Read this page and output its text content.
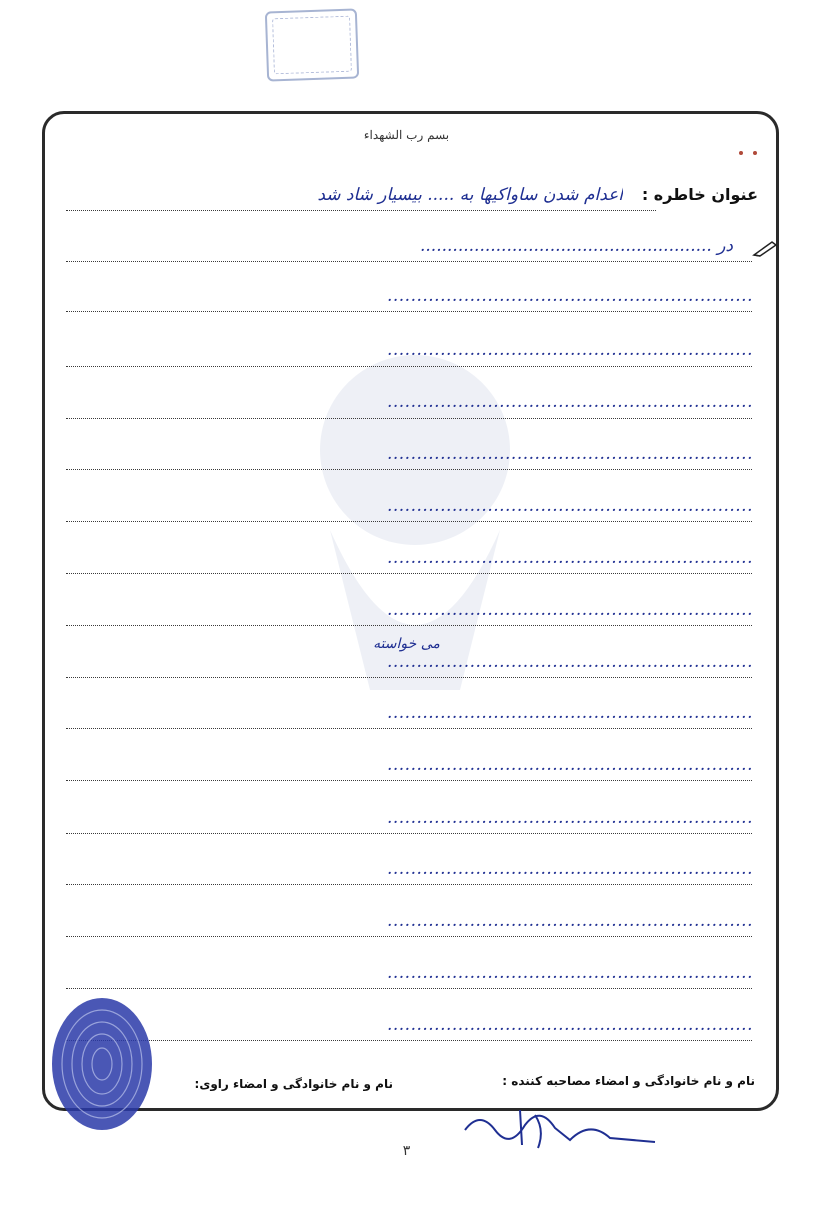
بسم رب الشهداء
عنوان خاطره :
اعدام شدن ساواکیها به ..... بیسیار شاد شد
در ......................................................
..............................................................
..............................................................
..............................................................
..............................................................
..............................................................
..............................................................
..............................................................
می خواسته
..............................................................
..............................................................
..............................................................
..............................................................
..............................................................
..............................................................
..............................................................
..............................................................
نام و نام خانوادگی و امضاء مصاحبه کننده :
نام و نام خانوادگی و امضاء راوی:
۳
